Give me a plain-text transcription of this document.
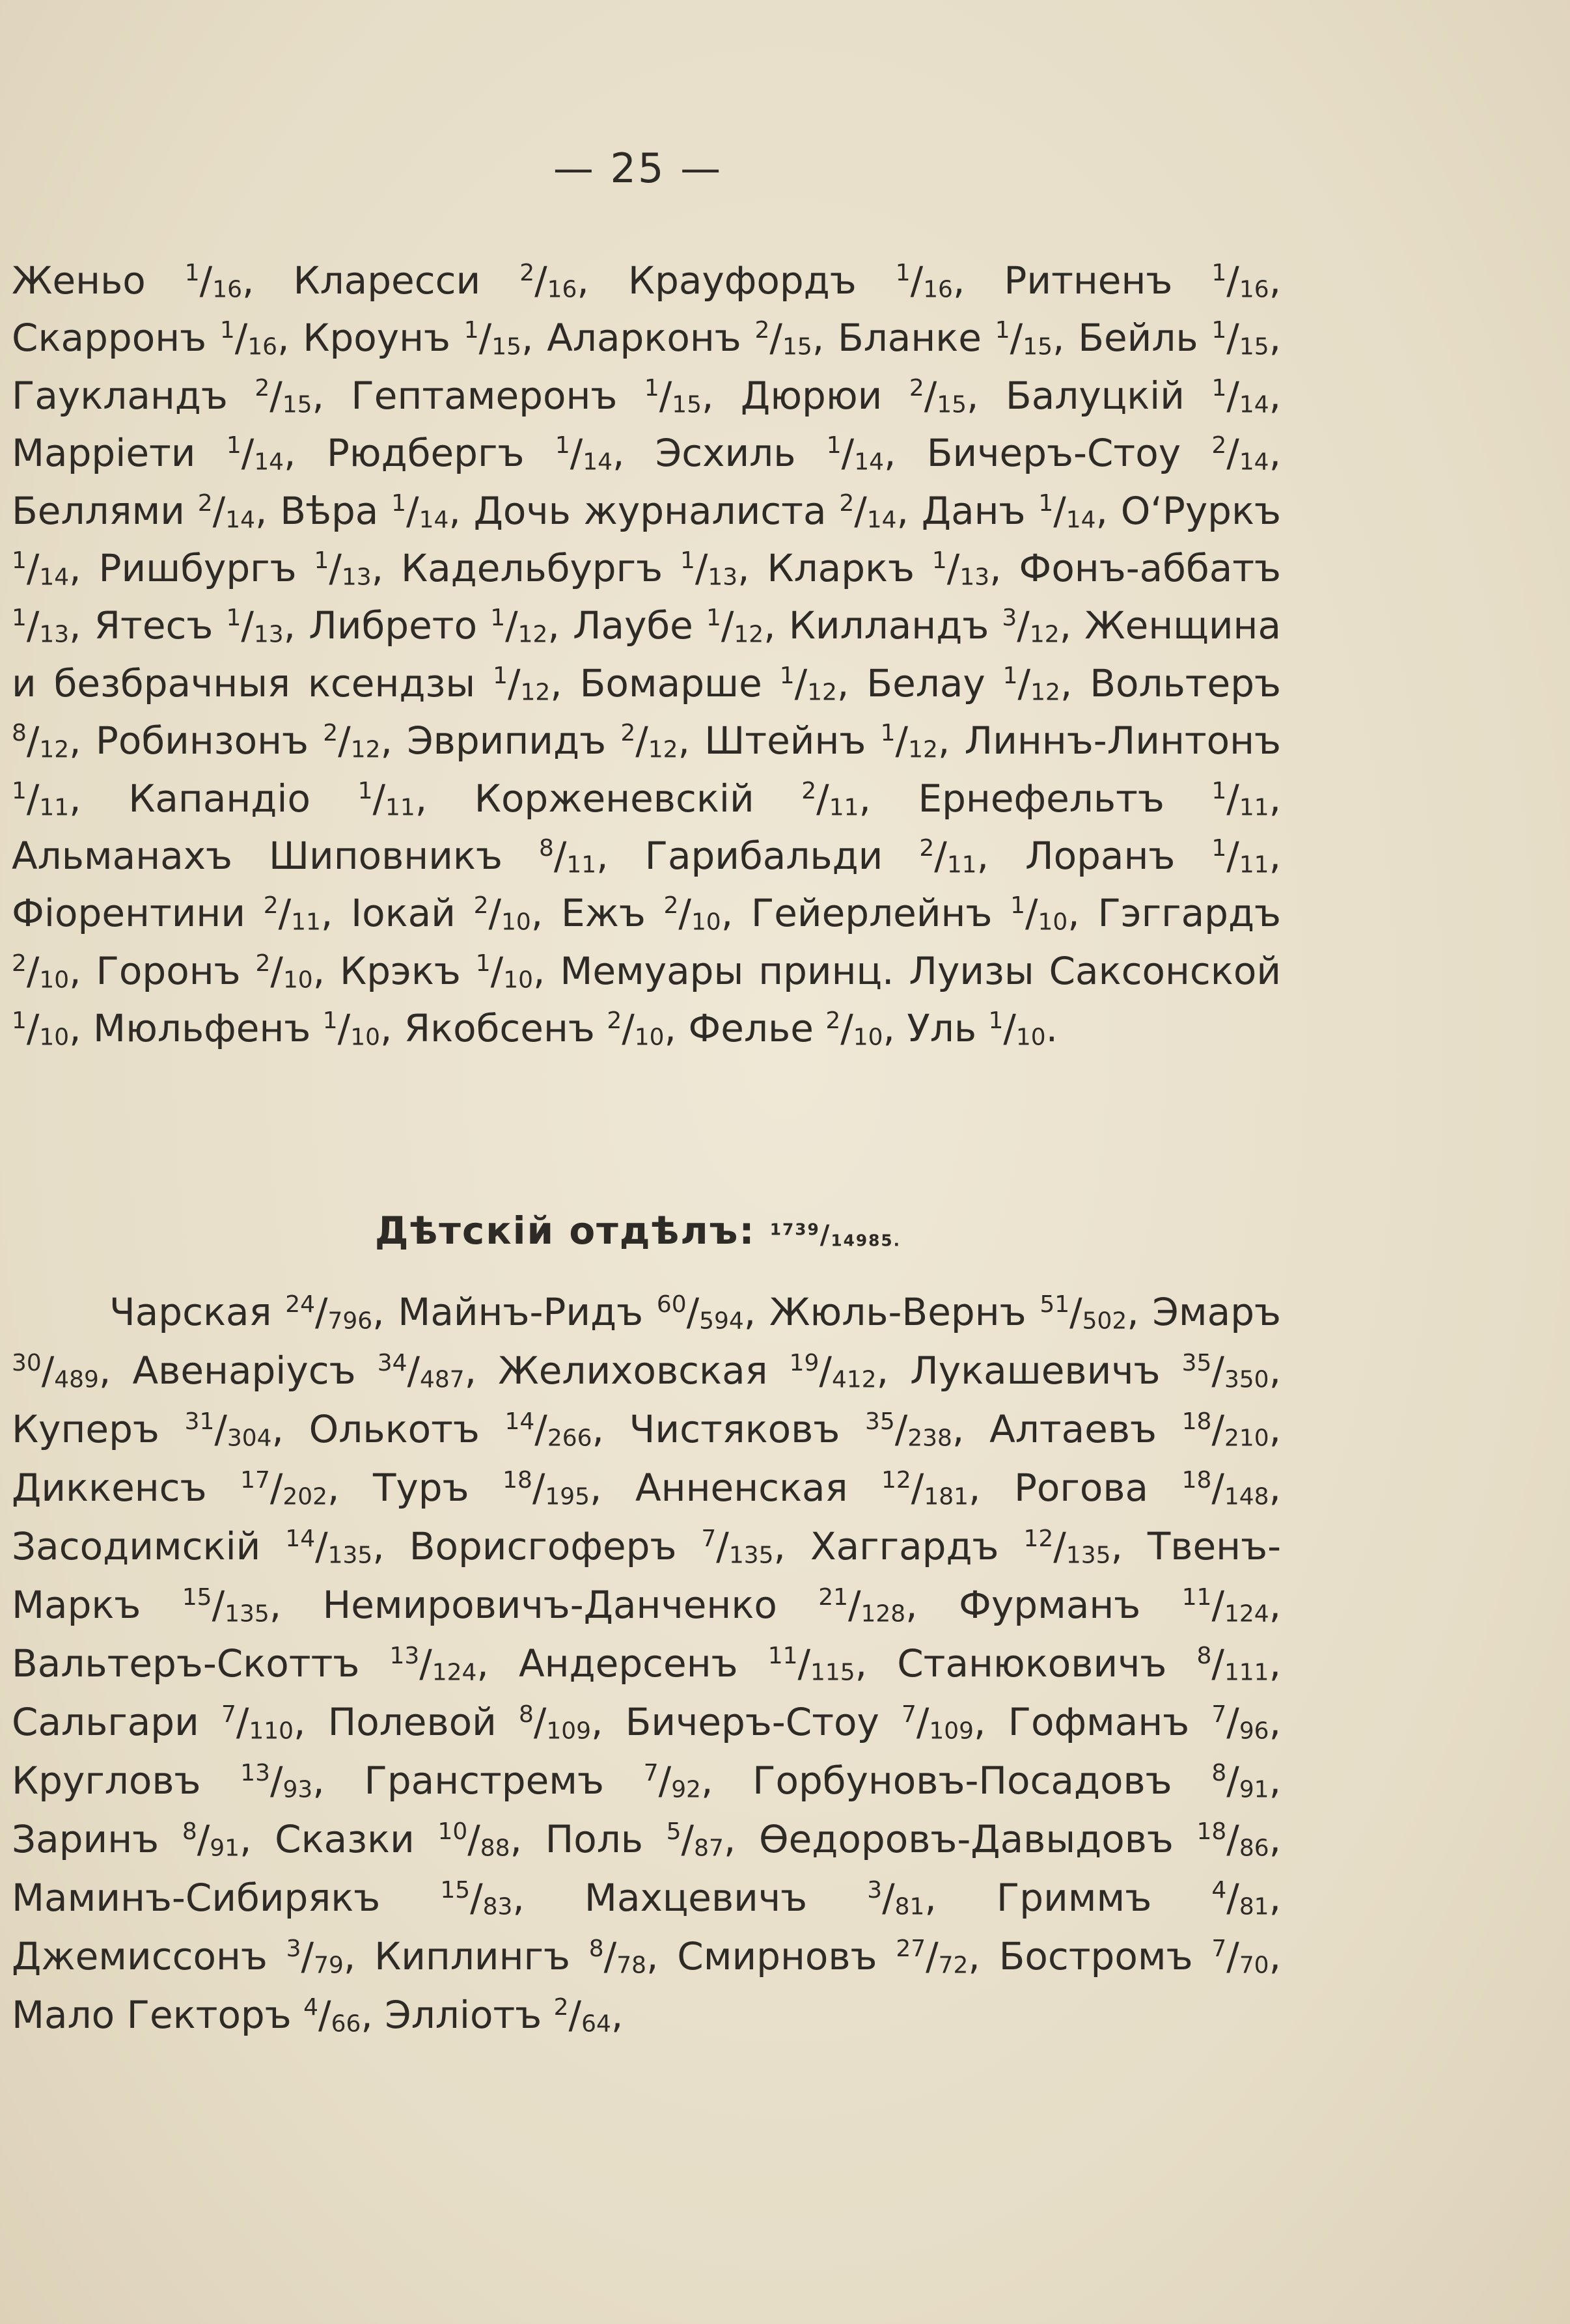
— 25 —
Женьо $^1/_{16}$, Кларесси $^2/_{16}$, Крауфордъ $^1/_{16}$, Ритненъ $^1/_{16}$, Скарронъ $^1/_{16}$, Кроунъ $^1/_{15}$, Аларконъ $^2/_{15}$, Бланке $^1/_{15}$, Бейль $^1/_{15}$, Гаукландъ $^2/_{15}$, Гептамеронъ $^1/_{15}$, Дюрюи $^2/_{15}$, Балуцкій $^1/_{14}$, Марріети $^1/_{14}$, Рюдбергъ $^1/_{14}$, Эсхиль $^1/_{14}$, Бичеръ-Стоу $^2/_{14}$, Беллями $^2/_{14}$, Вѣра $^1/_{14}$, Дочь журналиста $^2/_{14}$, Данъ $^1/_{14}$, О‘Руркъ $^1/_{14}$, Ришбургъ $^1/_{13}$, Кадельбургъ $^1/_{13}$, Кларкъ $^1/_{13}$, Фонъ-аббатъ $^1/_{13}$, Ятесъ $^1/_{13}$, Либрето $^1/_{12}$, Лаубе $^1/_{12}$, Килландъ $^3/_{12}$, Женщина и безбрачныя ксендзы $^1/_{12}$, Бомарше $^1/_{12}$, Белау $^1/_{12}$, Вольтеръ $^8/_{12}$, Робинзонъ $^2/_{12}$, Эврипидъ $^2/_{12}$, Штейнъ $^1/_{12}$, Линнъ-Линтонъ $^1/_{11}$, Капандіо $^1/_{11}$, Корженевскій $^2/_{11}$, Ернефельтъ $^1/_{11}$, Альманахъ Шиповникъ $^8/_{11}$, Гарибальди $^2/_{11}$, Лоранъ $^1/_{11}$, Фіорентини $^2/_{11}$, Іокай $^2/_{10}$, Ежъ $^2/_{10}$, Гейерлейнъ $^1/_{10}$, Гэггардъ $^2/_{10}$, Горонъ $^2/_{10}$, Крэкъ $^1/_{10}$, Мемуары принц. Луизы Саксонской $^1/_{10}$, Мюльфенъ $^1/_{10}$, Якобсенъ $^2/_{10}$, Фелье $^2/_{10}$, Уль $^1/_{10}$.
Дѣтскій отдѣлъ: $^{1739}/_{14985.}$
Чарская $^{24}/_{796}$, Майнъ-Ридъ $^{60}/_{594}$, Жюль-Вернъ $^{51}/_{502}$, Эмаръ $^{30}/_{489}$, Авенаріусъ $^{34}/_{487}$, Желиховская $^{19}/_{412}$, Лукашевичъ $^{35}/_{350}$, Куперъ $^{31}/_{304}$, Олькотъ $^{14}/_{266}$, Чистяковъ $^{35}/_{238}$, Алтаевъ $^{18}/_{210}$, Диккенсъ $^{17}/_{202}$, Туръ $^{18}/_{195}$, Анненская $^{12}/_{181}$, Рогова $^{18}/_{148}$, Засодимскій $^{14}/_{135}$, Ворисгоферъ $^7/_{135}$, Хаггардъ $^{12}/_{135}$, Твенъ-Маркъ $^{15}/_{135}$, Немировичъ-Данченко $^{21}/_{128}$, Фурманъ $^{11}/_{124}$, Вальтеръ-Скоттъ $^{13}/_{124}$, Андерсенъ $^{11}/_{115}$, Станюковичъ $^8/_{111}$, Сальгари $^7/_{110}$, Полевой $^8/_{109}$, Бичеръ-Стоу $^7/_{109}$, Гофманъ $^7/_{96}$, Кругловъ $^{13}/_{93}$, Гранстремъ $^7/_{92}$, Горбуновъ-Посадовъ $^8/_{91}$, Заринъ $^8/_{91}$, Сказки $^{10}/_{88}$, Поль $^5/_{87}$, Ѳедоровъ-Давыдовъ $^{18}/_{86}$, Маминъ-Сибирякъ $^{15}/_{83}$, Махцевичъ $^3/_{81}$, Гриммъ $^4/_{81}$, Джемиссонъ $^3/_{79}$, Киплингъ $^8/_{78}$, Смирновъ $^{27}/_{72}$, Бостромъ $^7/_{70}$, Мало Гекторъ $^4/_{66}$, Элліотъ $^2/_{64}$,
